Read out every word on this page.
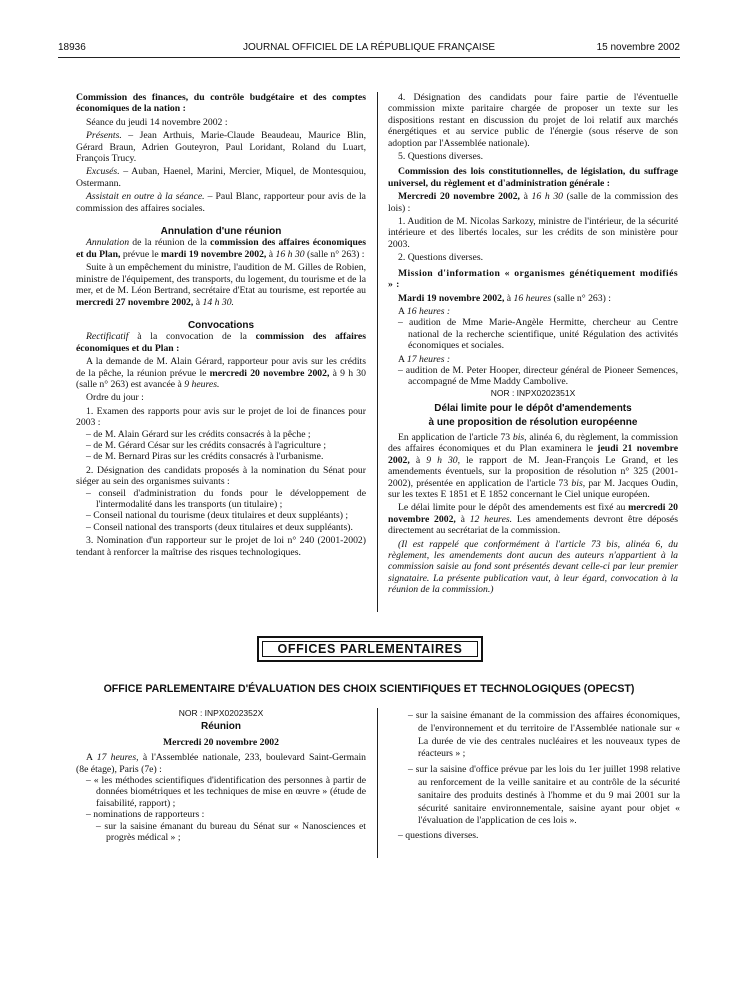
18936	JOURNAL OFFICIEL DE LA RÉPUBLIQUE FRANÇAISE	15 novembre 2002

Commission des finances, du contrôle budgétaire et des comptes économiques de la nation :

Séance du jeudi 14 novembre 2002 :

Présents. – Jean Arthuis, Marie-Claude Beaudeau, Maurice Blin, Gérard Braun, Adrien Gouteyron, Paul Loridant, Roland du Luart, François Trucy.

Excusés. – Auban, Haenel, Marini, Mercier, Miquel, de Montesquiou, Ostermann.

Assistait en outre à la séance. – Paul Blanc, rapporteur pour avis de la commission des affaires sociales.

Annulation d'une réunion

Annulation de la réunion de la commission des affaires économiques et du Plan, prévue le mardi 19 novembre 2002, à 16 h 30 (salle n° 263) :

Suite à un empêchement du ministre, l'audition de M. Gilles de Robien, ministre de l'équipement, des transports, du logement, du tourisme et de la mer, et de M. Léon Bertrand, secrétaire d'Etat au tourisme, est reportée au mercredi 27 novembre 2002, à 14 h 30.

Convocations

Rectificatif à la convocation de la commission des affaires économiques et du Plan :

A la demande de M. Alain Gérard, rapporteur pour avis sur les crédits de la pêche, la réunion prévue le mercredi 20 novembre 2002, à 9 h 30 (salle n° 263) est avancée à 9 heures.

Ordre du jour :

1. Examen des rapports pour avis sur le projet de loi de finances pour 2003 :

– de M. Alain Gérard sur les crédits consacrés à la pêche ;

– de M. Gérard César sur les crédits consacrés à l'agriculture ;

– de M. Bernard Piras sur les crédits consacrés à l'urbanisme.

2. Désignation des candidats proposés à la nomination du Sénat pour siéger au sein des organismes suivants :

– conseil d'administration du fonds pour le développement de l'intermodalité dans les transports (un titulaire) ;

– Conseil national du tourisme (deux titulaires et deux suppléants) ;

– Conseil national des transports (deux titulaires et deux suppléants).

3. Nomination d'un rapporteur sur le projet de loi n° 240 (2001-2002) tendant à renforcer la maîtrise des risques technologiques.

4. Désignation des candidats pour faire partie de l'éventuelle commission mixte paritaire chargée de proposer un texte sur les dispositions restant en discussion du projet de loi relatif aux marchés énergétiques et au service public de l'énergie (sous réserve de son adoption par l'Assemblée nationale).

5. Questions diverses.

Commission des lois constitutionnelles, de législation, du suffrage universel, du règlement et d'administration générale :

Mercredi 20 novembre 2002, à 16 h 30 (salle de la commission des lois) :

1. Audition de M. Nicolas Sarkozy, ministre de l'intérieur, de la sécurité intérieure et des libertés locales, sur les crédits de son ministère pour 2003.

2. Questions diverses.

Mission d'information « organismes génétiquement modifiés » :

Mardi 19 novembre 2002, à 16 heures (salle n° 263) :

A 16 heures :

– audition de Mme Marie-Angèle Hermitte, chercheur au Centre national de la recherche scientifique, unité Régulation des activités économiques et sociales.

A 17 heures :

– audition de M. Peter Hooper, directeur général de Pioneer Semences, accompagné de Mme Maddy Cambolive.

NOR : INPX0202351X

Délai limite pour le dépôt d'amendements

à une proposition de résolution européenne

En application de l'article 73 bis, alinéa 6, du règlement, la commission des affaires économiques et du Plan examinera le jeudi 21 novembre 2002, à 9 h 30, le rapport de M. Jean-François Le Grand, et les amendements éventuels, sur la proposition de résolution n° 325 (2001-2002), présentée en application de l'article 73 bis, par M. Jacques Oudin, sur les textes E 1851 et E 1852 concernant le Ciel unique européen.

Le délai limite pour le dépôt des amendements est fixé au mercredi 20 novembre 2002, à 12 heures. Les amendements devront être déposés directement au secrétariat de la commission.

(Il est rappelé que conformément à l'article 73 bis, alinéa 6, du règlement, les amendements dont aucun des auteurs n'appartient à la commission saisie au fond sont présentés devant celle-ci par leur premier signataire. La présente publication vaut, à leur égard, convocation à la réunion de la commission.)

OFFICES PARLEMENTAIRES
OFFICE PARLEMENTAIRE D'ÉVALUATION DES CHOIX SCIENTIFIQUES ET TECHNOLOGIQUES (OPECST)

NOR : INPX0202352X

Réunion

Mercredi 20 novembre 2002

A 17 heures, à l'Assemblée nationale, 233, boulevard Saint-Germain (8e étage), Paris (7e) :

– « les méthodes scientifiques d'identification des personnes à partir de données biométriques et les techniques de mise en œuvre » (étude de faisabilité, rapport) ;

– nominations de rapporteurs :

– sur la saisine émanant du bureau du Sénat sur « Nanosciences et progrès médical » ;

– sur la saisine émanant de la commission des affaires économiques, de l'environnement et du territoire de l'Assemblée nationale sur « La durée de vie des centrales nucléaires et les nouveaux types de réacteurs » ;

– sur la saisine d'office prévue par les lois du 1er juillet 1998 relative au renforcement de la veille sanitaire et au contrôle de la sécurité sanitaire des produits destinés à l'homme et du 9 mai 2001 sur la sécurité sanitaire environnementale, saisine ayant pour objet « l'évaluation de l'application de ces lois ».

– questions diverses.
